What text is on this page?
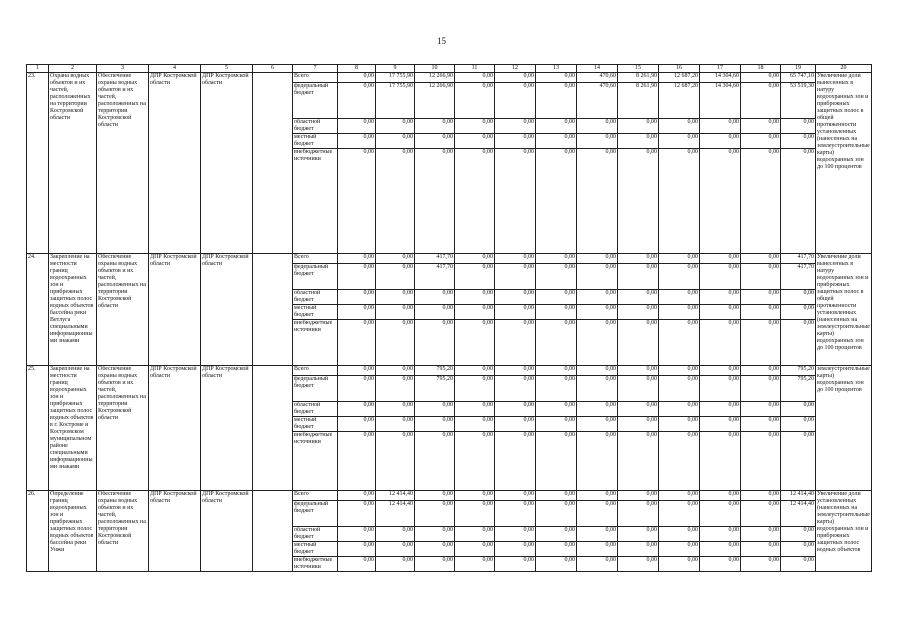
15
1	2	3	4	5	6	7	8	9	10	11	12	13	14	15	16	17	18	19	20
23.	Охрана водных объектов и их частей, расположенных на территории Костромской области	Обеспечение охраны водных объектов и их частей, расположенных на территории Костромской области	ДПР Костромской области	ДПР Костромской области		Всего	0,00	17 755,90	12 266,90	0,00	0,00	0,00	470,60	8 261,90	12 687,20	14 304,60	0,00	65 747,10	Увеличение доли вынесенных в натуру водоохранных зон и прибрежных защитных полос в общей протяженности установленных (нанесенных на землеустроительные карты) водоохранных зон до 100 процентов
						федеральный бюджет	0,00	17 755,90	12 266,90	0,00	0,00	0,00	470,60	8 261,90	12 687,20	14 304,60	0,00	53 519,30	
						областной бюджет	0,00	0,00	0,00	0,00	0,00	0,00	0,00	0,00	0,00	0,00	0,00	0,00	
						местный бюджет	0,00	0,00	0,00	0,00	0,00	0,00	0,00	0,00	0,00	0,00	0,00	0,00	
						внебюджетные источники	0,00	0,00	0,00	0,00	0,00	0,00	0,00	0,00	0,00	0,00	0,00	0,00	
24.	Закрепление на местности границ водоохранных зон и прибрежных защитных полос водных объектов бассейна реки Ветлуга специальными информационными знаками	Обеспечение охраны водных объектов и их частей, расположенных на территории Костромской области	ДПР Костромской области	ДПР Костромской области		Всего	0,00	0,00	417,70	0,00	0,00	0,00	0,00	0,00	0,00	0,00	0,00	417,70	Увеличение доли вынесенных в натуру водоохранных зон и прибрежных защитных полос в общей протяженности установленных (нанесенных на землеустроительные карты) водоохранных зон до 100 процентов
						федеральный бюджет	0,00	0,00	417,70	0,00	0,00	0,00	0,00	0,00	0,00	0,00	0,00	417,70	
						областной бюджет	0,00	0,00	0,00	0,00	0,00	0,00	0,00	0,00	0,00	0,00	0,00	0,00	
						местный бюджет	0,00	0,00	0,00	0,00	0,00	0,00	0,00	0,00	0,00	0,00	0,00	0,00	
						внебюджетные источники	0,00	0,00	0,00	0,00	0,00	0,00	0,00	0,00	0,00	0,00	0,00	0,00	
25.	Закрепление на местности границ водоохранных зон и прибрежных защитных полос водных объектов в г. Костроме и Костромском муниципальном районе специальными информационными знаками	Обеспечение охраны водных объектов и их частей, расположенных на территории Костромской области	ДПР Костромской области	ДПР Костромской области		Всего	0,00	0,00	795,20	0,00	0,00	0,00	0,00	0,00	0,00	0,00	0,00	795,20	землеустроительные карты) водоохранных зон до 100 процентов
						федеральный бюджет	0,00	0,00	795,20	0,00	0,00	0,00	0,00	0,00	0,00	0,00	0,00	795,20	
						областной бюджет	0,00	0,00	0,00	0,00	0,00	0,00	0,00	0,00	0,00	0,00	0,00	0,00	
						местный бюджет	0,00	0,00	0,00	0,00	0,00	0,00	0,00	0,00	0,00	0,00	0,00	0,00	
						внебюджетные источники	0,00	0,00	0,00	0,00	0,00	0,00	0,00	0,00	0,00	0,00	0,00	0,00	
26.	Определение границ водоохранных зон и прибрежных защитных полос водных объектов бассейна реки Унжи	Обеспечение охраны водных объектов и их частей, расположенных на территории Костромской области	ДПР Костромской области	ДПР Костромской области		Всего	0,00	12 414,40	0,00	0,00	0,00	0,00	0,00	0,00	0,00	0,00	0,00	12 414,40	Увеличение доли установленных (нанесенных на землеустроительные карты) водоохранных зон и прибрежных защитных полос водных объектов
						федеральный бюджет	0,00	12 414,40	0,00	0,00	0,00	0,00	0,00	0,00	0,00	0,00	0,00	12 414,40	
						областной бюджет	0,00	0,00	0,00	0,00	0,00	0,00	0,00	0,00	0,00	0,00	0,00	0,00	
						местный бюджет	0,00	0,00	0,00	0,00	0,00	0,00	0,00	0,00	0,00	0,00	0,00	0,00	
						внебюджетные источники	0,00	0,00	0,00	0,00	0,00	0,00	0,00	0,00	0,00	0,00	0,00	0,00	
